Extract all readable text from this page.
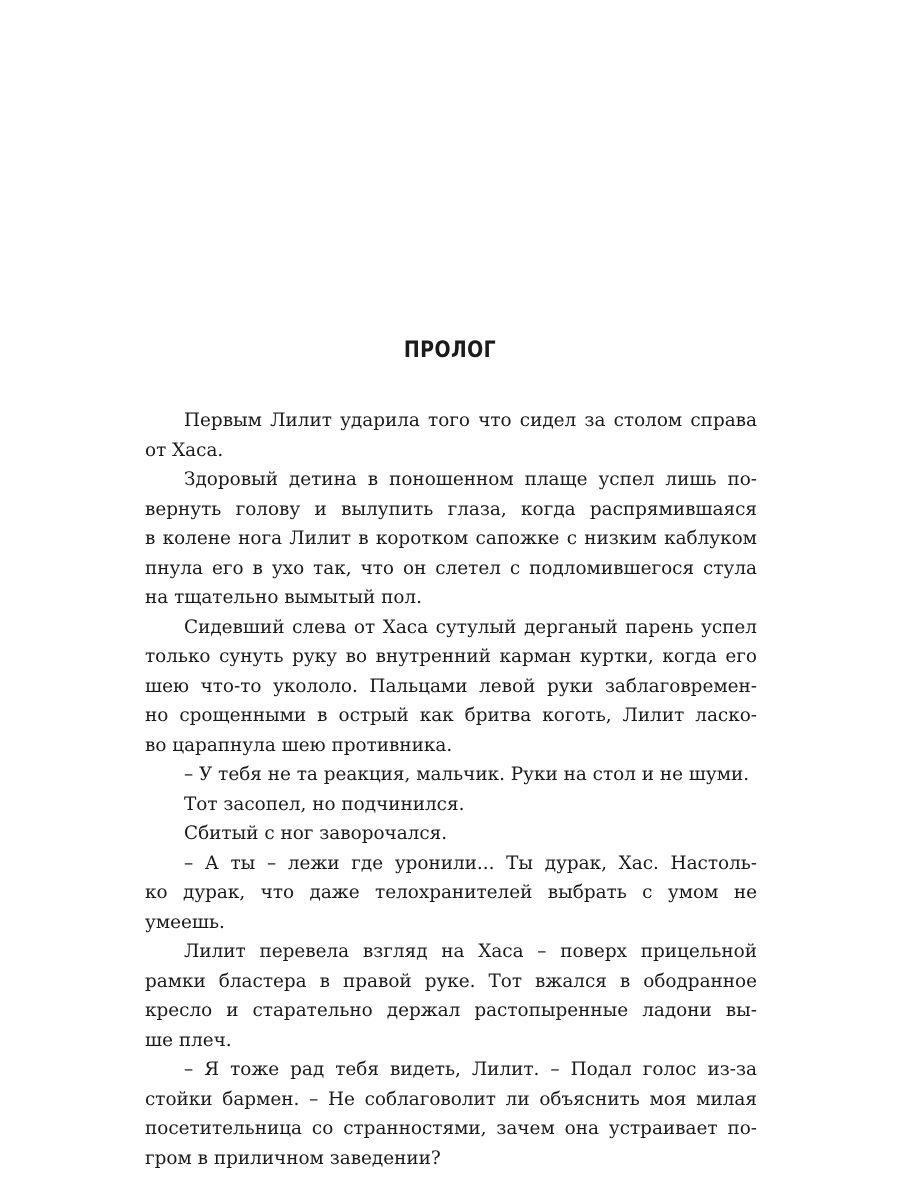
ПРОЛОГ
Первым Лилит ударила того что сидел за столом справа
от Хаса.
Здоровый детина в поношенном плаще успел лишь по-
вернуть голову и вылупить глаза, когда распрямившаяся
в колене нога Лилит в коротком сапожке с низким каблуком
пнула его в ухо так, что он слетел с подломившегося стула
на тщательно вымытый пол.
Сидевший слева от Хаса сутулый дерганый парень успел
только сунуть руку во внутренний карман куртки, когда его
шею что-то укололо. Пальцами левой руки заблаговремен-
но срощенными в острый как бритва коготь, Лилит ласко-
во царапнула шею противника.
– У тебя не та реакция, мальчик. Руки на стол и не шуми.
Тот засопел, но подчинился.
Сбитый с ног заворочался.
– А ты – лежи где уронили... Ты дурак, Хас. Настоль-
ко дурак, что даже телохранителей выбрать с умом не
умеешь.
Лилит перевела взгляд на Хаса – поверх прицельной
рамки бластера в правой руке. Тот вжался в ободранное
кресло и старательно держал растопыренные ладони вы-
ше плеч.
– Я тоже рад тебя видеть, Лилит. – Подал голос из-за
стойки бармен. – Не соблаговолит ли объяснить моя милая
посетительница со странностями, зачем она устраивает по-
гром в приличном заведении?
